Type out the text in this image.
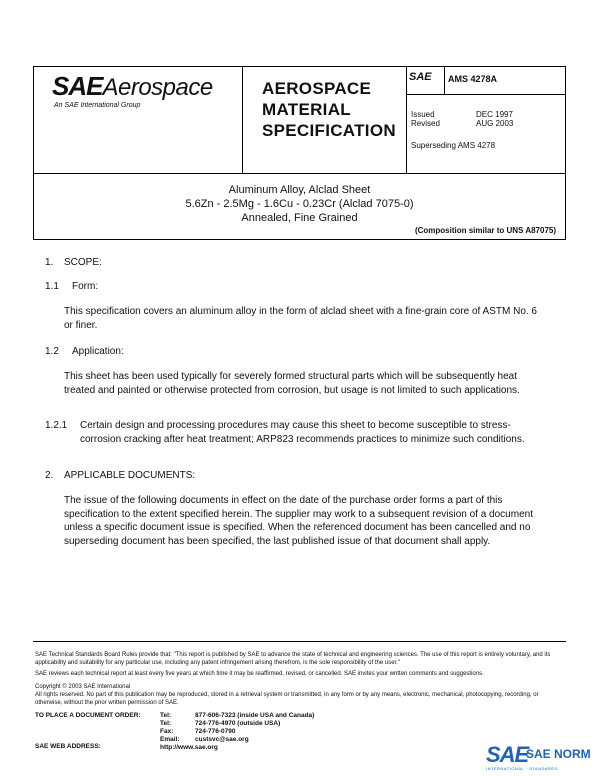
SAEAerospace
An SAE International Group
AEROSPACE
MATERIAL
SPECIFICATION
SAE AMS 4278A
Issued	DEC 1997
Revised	AUG 2003
Superseding AMS 4278
Aluminum Alloy, Alclad Sheet
5.6Zn - 2.5Mg - 1.6Cu - 0.23Cr (Alclad 7075-0)
Annealed, Fine Grained
(Composition similar to UNS A87075)
1. SCOPE:
1.1 Form:
This specification covers an aluminum alloy in the form of alclad sheet with a fine-grain core of ASTM No. 6 or finer.
1.2 Application:
This sheet has been used typically for severely formed structural parts which will be subsequently heat treated and painted or otherwise protected from corrosion, but usage is not limited to such applications.
1.2.1 Certain design and processing procedures may cause this sheet to become susceptible to stress-corrosion cracking after heat treatment; ARP823 recommends practices to minimize such conditions.
2. APPLICABLE DOCUMENTS:
The issue of the following documents in effect on the date of the purchase order forms a part of this specification to the extent specified herein. The supplier may work to a subsequent revision of a document unless a specific document issue is specified. When the referenced document has been cancelled and no superseding document has been specified, the last published issue of that document shall apply.
SAE Technical Standards Board Rules provide that: "This report is published by SAE to advance the state of technical and engineering sciences. The use of this report is entirely voluntary, and its applicability and suitability for any particular use, including any patent infringement arising therefrom, is the sole responsibility of the user."
SAE reviews each technical report at least every five years at which time it may be reaffirmed, revised, or cancelled. SAE invites your written comments and suggestions.
Copyright © 2003 SAE International
All rights reserved. No part of this publication may be reproduced, stored in a retrieval system or transmitted, in any form or by any means, electronic, mechanical, photocopying, recording, or otherwise, without the prior written permission of SAE.
TO PLACE A DOCUMENT ORDER:
SAE WEB ADDRESS:
Tel:	877-606-7323 (inside USA and Canada)
Tel:	724-776-4970 (outside USA)
Fax:	724-776-0790
Email: custsvc@sae.org
http://www.sae.org	SAE
SAE NORM
INTERNATIONAL · STANDARDS
